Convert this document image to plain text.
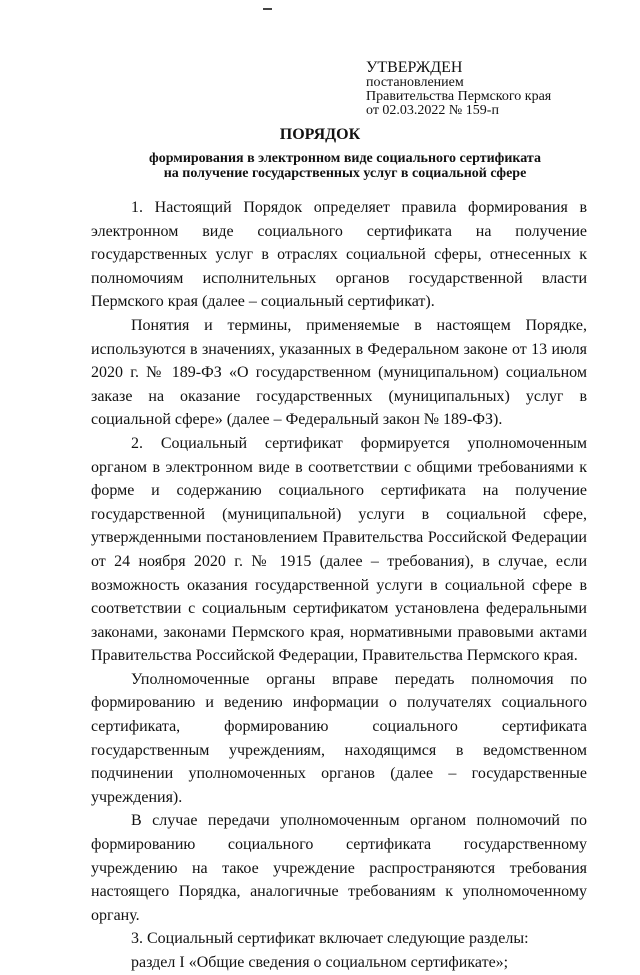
УТВЕРЖДЕН
постановлением
Правительства Пермского края
от 02.03.2022 № 159-п
ПОРЯДОК
формирования в электронном виде социального сертификата
на получение государственных услуг в социальной сфере

1. Настоящий Порядок определяет правила формирования в электронном виде социального сертификата на получение государственных услуг в отраслях социальной сферы, отнесенных к полномочиям исполнительных органов государственной власти Пермского края (далее – социальный сертификат).

Понятия и термины, применяемые в настоящем Порядке, используются в значениях, указанных в Федеральном законе от 13 июля 2020 г. № 189-ФЗ «О государственном (муниципальном) социальном заказе на оказание государственных (муниципальных) услуг в социальной сфере» (далее – Федеральный закон № 189-ФЗ).

2. Социальный сертификат формируется уполномоченным органом в электронном виде в соответствии с общими требованиями к форме и содержанию социального сертификата на получение государственной (муниципальной) услуги в социальной сфере, утвержденными постановлением Правительства Российской Федерации от 24 ноября 2020 г. № 1915 (далее – требования), в случае, если возможность оказания государственной услуги в социальной сфере в соответствии с социальным сертификатом установлена федеральными законами, законами Пермского края, нормативными правовыми актами Правительства Российской Федерации, Правительства Пермского края.

Уполномоченные органы вправе передать полномочия по формированию и ведению информации о получателях социального сертификата, формированию социального сертификата государственным учреждениям, находящимся в ведомственном подчинении уполномоченных органов (далее – государственные учреждения).

В случае передачи уполномоченным органом полномочий по формированию социального сертификата государственному учреждению на такое учреждение распространяются требования настоящего Порядка, аналогичные требованиям к уполномоченному органу.

3. Социальный сертификат включает следующие разделы:

раздел I «Общие сведения о социальном сертификате»;
